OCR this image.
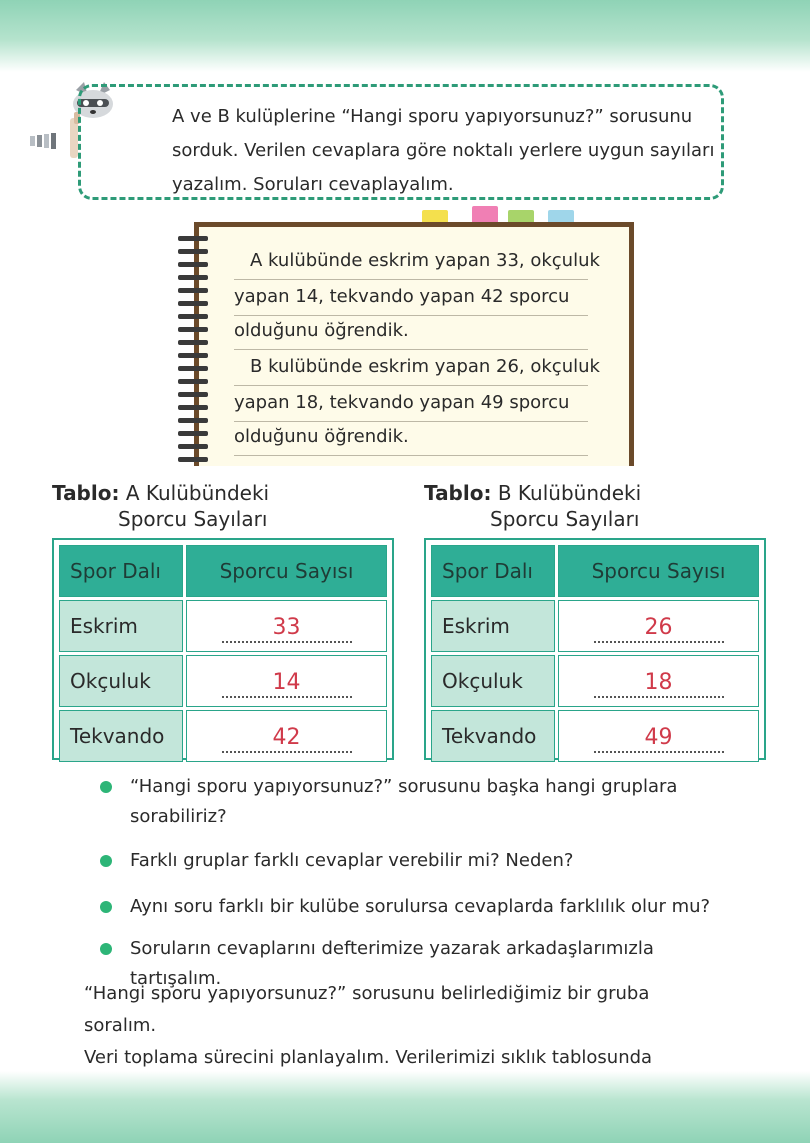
A ve B kulüplerine “Hangi sporu yapıyorsunuz?” sorusunu
sorduk. Verilen cevaplara göre noktalı yerlere uygun sayıları
yazalım. Soruları cevaplayalım.
A kulübünde eskrim yapan 33, okçuluk
yapan 14, tekvando yapan 42 sporcu
olduğunu öğrendik.
B kulübünde eskrim yapan 26, okçuluk
yapan 18, tekvando yapan 49 sporcu
olduğunu öğrendik.
Tablo: A Kulübündeki
Sporcu Sayıları
Tablo: B Kulübündeki
Sporcu Sayıları
Spor Dalı	Sporcu Sayısı
Eskrim	33
Okçuluk	14
Tekvando	42
Spor Dalı	Sporcu Sayısı
Eskrim	26
Okçuluk	18
Tekvando	49
“Hangi sporu yapıyorsunuz?” sorusunu başka hangi gruplara sorabiliriz?
Farklı gruplar farklı cevaplar verebilir mi? Neden?
Aynı soru farklı bir kulübe sorulursa cevaplarda farklılık olur mu?
Soruların cevaplarını defterimize yazarak arkadaşlarımızla tartışalım.
“Hangi sporu yapıyorsunuz?” sorusunu belirlediğimiz bir gruba soralım.
Veri toplama sürecini planlayalım. Verilerimizi sıklık tablosunda
